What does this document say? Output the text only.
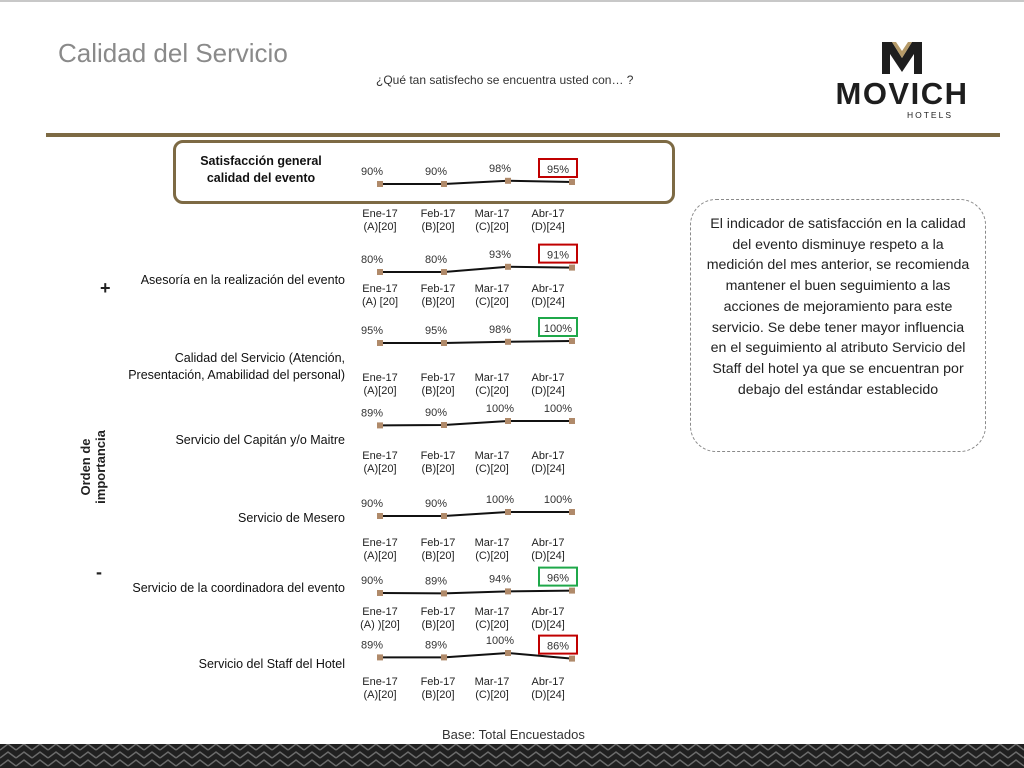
Calidad del Servicio
¿Qué tan satisfecho se encuentra usted con… ?	MOVICH
HOTELS
Orden de importancia
+
-
El indicador de satisfacción en la calidad del evento disminuye respeto a la medición del mes anterior, se recomienda mantener el buen seguimiento a las acciones de mejoramiento para este servicio. Se debe tener mayor influencia en el seguimiento al atributo Servicio del Staff del hotel ya que se encuentran por debajo del estándar establecido
Base: Total Encuestados
Satisfacción general
calidad del evento	90%	90%	98%	95%
Ene-17
(A)[20]
Feb-17
(B)[20]
Mar-17
(C)[20]
Abr-17
(D)[24]
Asesoría en la realización del evento
80%	80%	93%	91%
Ene-17
(A) [20]
Feb-17
(B)[20]
Mar-17
(C)[20]
Abr-17
(D)[24]
Calidad del Servicio (Atención,
Presentación, Amabilidad del personal)
95%	95%	98%	100%
Ene-17
(A)[20]
Feb-17
(B)[20]
Mar-17
(C)[20]
Abr-17
(D)[24]
Servicio del Capitán y/o Maitre
89%	90%	100%	100%
Ene-17
(A)[20]
Feb-17
(B)[20]
Mar-17
(C)[20]
Abr-17
(D)[24]
Servicio de Mesero
90%	90%	100%	100%
Ene-17
(A)[20]
Feb-17
(B)[20]
Mar-17
(C)[20]
Abr-17
(D)[24]
Servicio de la coordinadora del evento 90%	89%	94%	96%
Ene-17
(A) )[20]
Feb-17
(B)[20]
Mar-17
(C)[20]
Abr-17
(D)[24]
Servicio del Staff del Hotel
89%	89%	100%	86%
Ene-17
(A)[20]
Feb-17
(B)[20]
Mar-17
(C)[20]
Abr-17
(D)[24]
